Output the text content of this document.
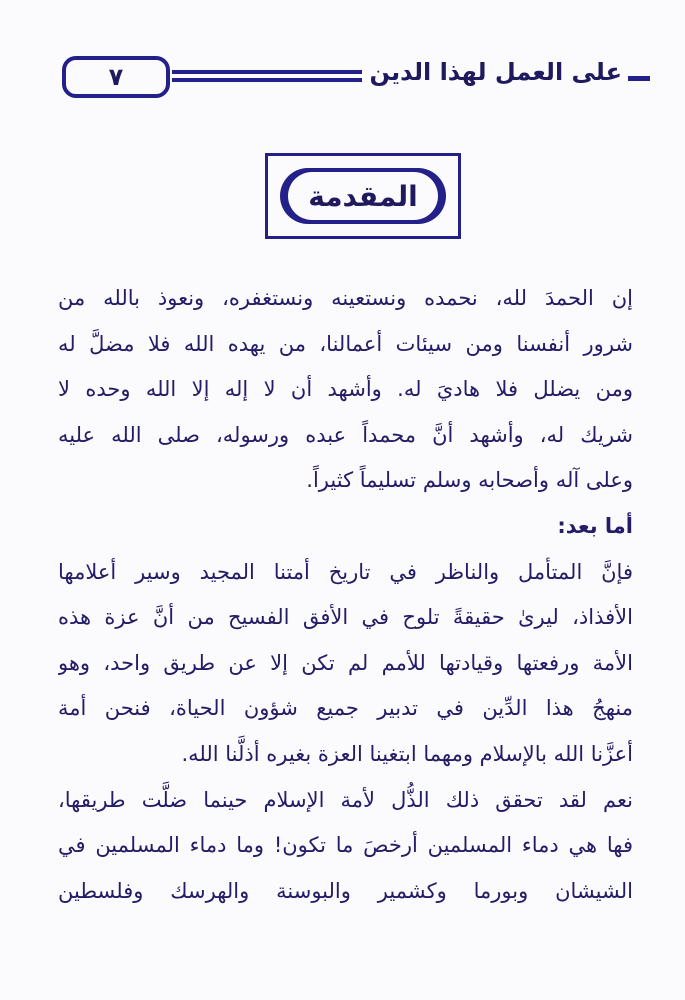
٧	على العمل لهذا الدين
المقدمة
إن الحمدَ لله، نحمده ونستعينه ونستغفره، ونعوذ بالله من
شرور أنفسنا ومن سيئات أعمالنا، من يهده الله فلا مضلَّ له
ومن يضلل فلا هاديَ له. وأشهد أن لا إله إلا الله وحده لا
شريك له، وأشهد أنَّ محمداً عبده ورسوله، صلى الله عليه
وعلى آله وأصحابه وسلم تسليماً كثيراً.
أما بعد:
فإنَّ المتأمل والناظر في تاريخ أمتنا المجيد وسير أعلامها
الأفذاذ، ليرىٰ حقيقةً تلوح في الأفق الفسيح من أنَّ عزة هذه
الأمة ورفعتها وقيادتها للأمم لم تكن إلا عن طريق واحد، وهو
منهجُ هذا الدِّين في تدبير جميع شؤون الحياة، فنحن أمة
أعزَّنا الله بالإسلام ومهما ابتغينا العزة بغيره أذلَّنا الله.
نعم لقد تحقق ذلك الذُّل لأمة الإسلام حينما ضلَّت طريقها،
فها هي دماء المسلمين أرخصَ ما تكون! وما دماء المسلمين في
الشيشان وبورما وكشمير والبوسنة والهرسك وفلسطين
